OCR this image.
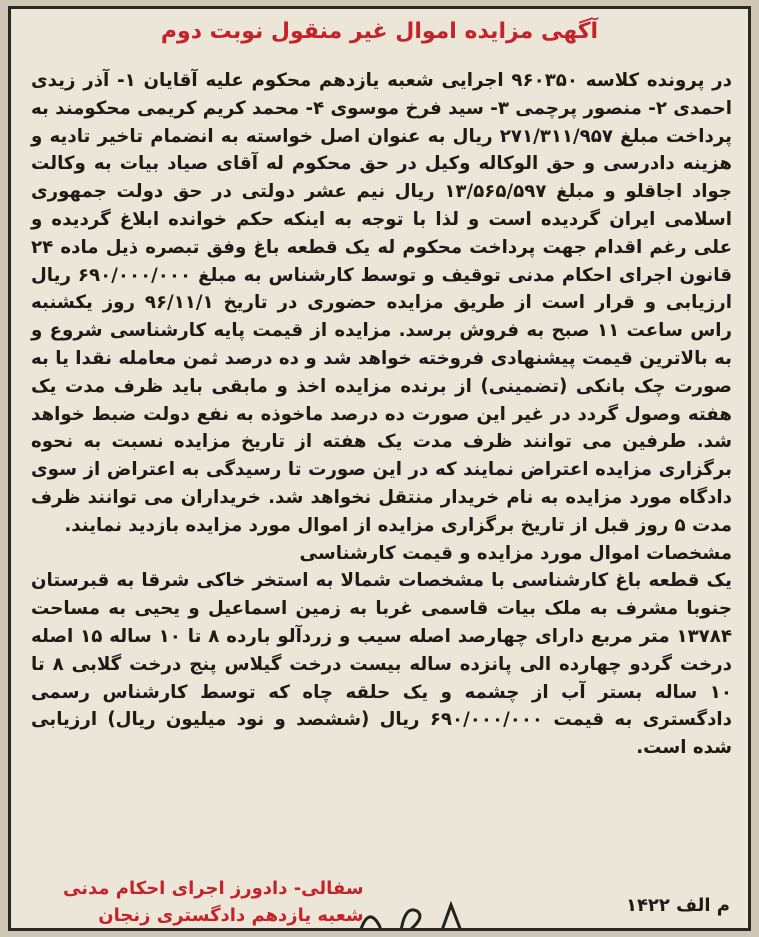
آگهی مزایده اموال غیر منقول نوبت دوم

در پرونده کلاسه ۹۶۰۳۵۰ اجرایی شعبه یازدهم محکوم علیه آقایان ۱- آذر زیدی احمدی ۲- منصور پرچمی ۳- سید فرخ موسوی ۴- محمد کریم کریمی محکومند به پرداخت مبلغ ۲۷۱/۳۱۱/۹۵۷ ریال به عنوان اصل خواسته به انضمام تاخیر تادیه و هزینه دادرسی و حق الوکاله وکیل در حق محکوم له آقای صیاد بیات به وکالت جواد اجاقلو و مبلغ ۱۳/۵۶۵/۵۹۷ ریال نیم عشر دولتی در حق دولت جمهوری اسلامی ایران گردیده است و لذا با توجه به اینکه حکم خوانده ابلاغ گردیده و علی رغم اقدام جهت پرداخت محکوم له یک قطعه باغ وفق تبصره ذیل ماده ۲۴ قانون اجرای احکام مدنی توقیف و توسط کارشناس به مبلغ ۶۹۰/۰۰۰/۰۰۰ ریال ارزیابی و قرار است از طریق مزایده حضوری در تاریخ ۹۶/۱۱/۱ روز یکشنبه راس ساعت ۱۱ صبح به فروش برسد. مزایده از قیمت پایه کارشناسی شروع و به بالاترین قیمت پیشنهادی فروخته خواهد شد و ده درصد ثمن معامله نقدا یا به صورت چک بانکی (تضمینی) از برنده مزایده اخذ و مابقی باید ظرف مدت یک هفته وصول گردد در غیر این صورت ده درصد ماخوذه به نفع دولت ضبط خواهد شد. طرفین می توانند ظرف مدت یک هفته از تاریخ مزایده نسبت به نحوه برگزاری مزایده اعتراض نمایند که در این صورت تا رسیدگی به اعتراض از سوی دادگاه مورد مزایده به نام خریدار منتقل نخواهد شد. خریداران می توانند ظرف مدت ۵ روز قبل از تاریخ برگزاری مزایده از اموال مورد مزایده بازدید نمایند.

مشخصات اموال مورد مزایده و قیمت کارشناسی

یک قطعه باغ کارشناسی با مشخصات شمالا به استخر خاکی شرقا به قبرستان جنوبا مشرف به ملک بیات قاسمی غربا به زمین اسماعیل و یحیی به مساحت ۱۳۷۸۴ متر مربع دارای چهارصد اصله سیب و زردآلو بارده ۸ تا ۱۰ ساله ۱۵ اصله درخت گردو چهارده الی پانزده ساله بیست درخت گیلاس پنج درخت گلابی ۸ تا ۱۰ ساله بستر آب از چشمه و یک حلقه چاه که توسط کارشناس رسمی دادگستری به قیمت ۶۹۰/۰۰۰/۰۰۰ ریال (ششصد و نود میلیون ریال) ارزیابی شده است.

م الف ۱۴۲۲
سفالی- دادورز اجرای احکام مدنی
شعبه یازدهم دادگستری زنجان
